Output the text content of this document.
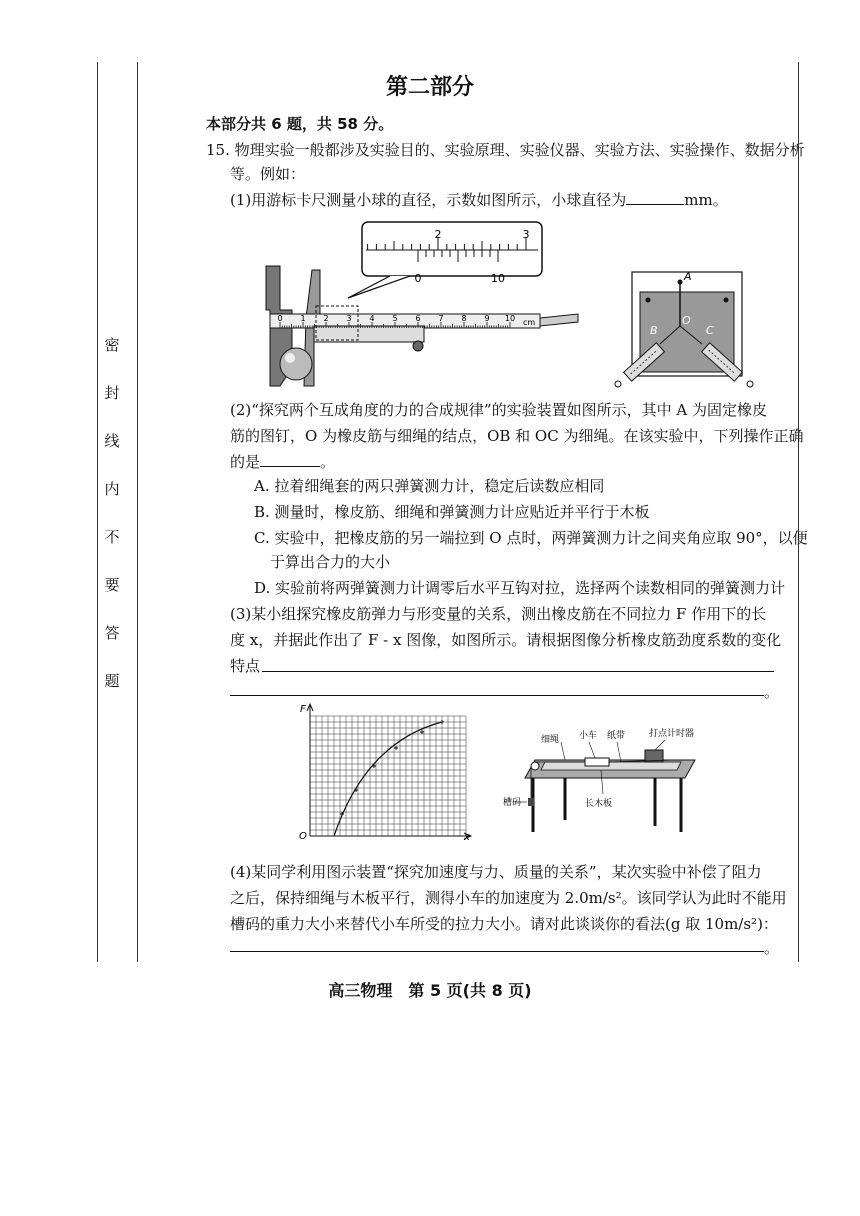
密
封
线
内
不
要
答
题
第二部分
本部分共 6 题，共 58 分。
15. 物理实验一般都涉及实验目的、实验原理、实验仪器、实验方法、实验操作、数据分析
等。例如：
(1)用游标卡尺测量小球的直径，示数如图所示，小球直径为	mm。
2	3
0	10
0 1 2 3 4 5 6 7 8 9 10 cm
A
O
B	C
(2)“探究两个互成角度的力的合成规律”的实验装置如图所示，其中 A 为固定橡皮
筋的图钉，O 为橡皮筋与细绳的结点，OB 和 OC 为细绳。在该实验中，下列操作正确
的是	。
A. 拉着细绳套的两只弹簧测力计，稳定后读数应相同
B. 测量时，橡皮筋、细绳和弹簧测力计应贴近并平行于木板
C. 实验中，把橡皮筋的另一端拉到 O 点时，两弹簧测力计之间夹角应取 90°，以便
于算出合力的大小
D. 实验前将两弹簧测力计调零后水平互钩对拉，选择两个读数相同的弹簧测力计
(3)某小组探究橡皮筋弹力与形变量的关系，测出橡皮筋在不同拉力 F 作用下的长
度 x，并据此作出了 F - x 图像，如图所示。请根据图像分析橡皮筋劲度系数的变化
特点
。
F
x
O
细绳 小车 纸带	打点计时器
槽码	长木板
(4)某同学利用图示装置“探究加速度与力、质量的关系”，某次实验中补偿了阻力
之后，保持细绳与木板平行，测得小车的加速度为 2.0m/s²。该同学认为此时不能用
槽码的重力大小来替代小车所受的拉力大小。请对此谈谈你的看法(g 取 10m/s²)：
。
高三物理　第 5 页(共 8 页)
